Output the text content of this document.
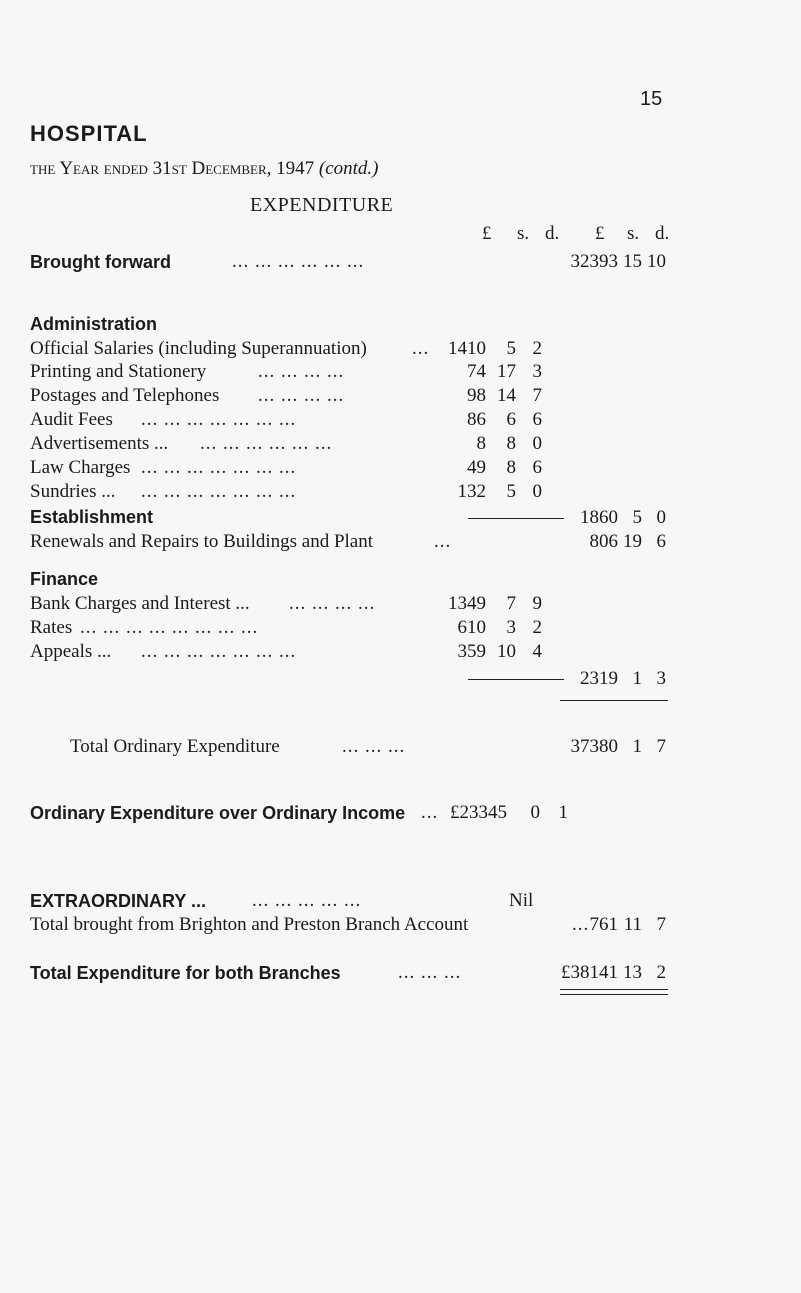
15
HOSPITAL
the Year ended 31st December, 1947 (contd.)
EXPENDITURE
£ s. d. £ s. d.
Brought forward	... ... ... ... ... ...	32393 15 10
Administration
Official Salaries (including Superannuation) ... 1410	5 2
Printing and Stationery	... ... ... ...	74 17 3
Postages and Telephones ... ... ... ...	98 14 7
Audit Fees ... ... ... ... ... ... ...	86	6 6
Advertisements ... ... ... ... ... ... ...	8	8 0
Law Charges ... ... ... ... ... ... ...	49	8 6
Sundries ... ... ... ... ... ... ... ...	132	5 0
1860 5 0
Establishment
Renewals and Repairs to Buildings and Plant	...	806 19 6
Finance
Bank Charges and Interest ... ... ... ... ...	1349	7 9
Rates ... ... ... ... ... ... ... ...	610	3 2
Appeals ... ... ... ... ... ... ... ...	359 10 4
2319 1 3
Total Ordinary Expenditure	... ... ...	37380 1 7
Ordinary Expenditure over Ordinary Income ... £23345	0 1
EXTRAORDINARY ... ... ... ... ... ...	Nil
Total brought from Brighton and Preston Branch Account	... 761 11 7
Total Expenditure for both Branches	... ... ...	£38141 13 2
